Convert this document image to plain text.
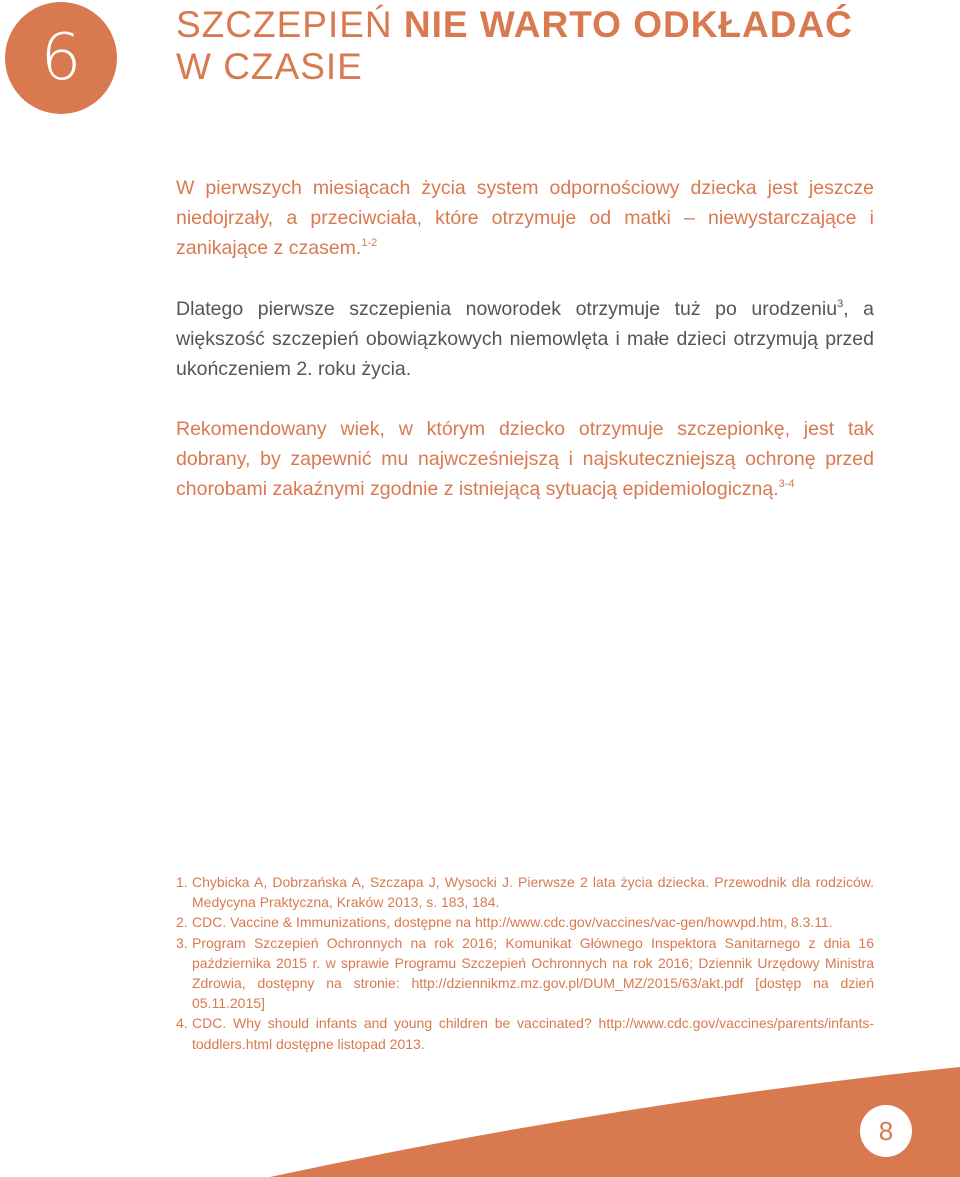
6	SZCZEPIEŃ NIE WARTO ODKŁADAĆ
W CZASIE

W pierwszych miesiącach życia system odpornościowy dziecka jest jeszcze niedojrzały, a przeciwciała, które otrzymuje od matki – niewystarczające i zanikające z czasem.$^{1-2}$

Dlatego pierwsze szczepienia noworodek otrzymuje tuż po urodzeniu$^3$, a większość szczepień obowiązkowych niemowlęta i małe dzieci otrzymują przed ukończeniem 2. roku życia.

Rekomendowany wiek, w którym dziecko otrzymuje szczepionkę, jest tak dobrany, by zapewnić mu najwcześniejszą i najskuteczniejszą ochronę przed chorobami zakaźnymi zgodnie z istniejącą sytuacją epidemiologiczną.$^{3-4}$

1. Chybicka A, Dobrzańska A, Szczapa J, Wysocki J. Pierwsze 2 lata życia dziecka. Przewodnik dla rodziców. Medycyna Praktyczna, Kraków 2013, s. 183, 184.
2. CDC. Vaccine & Immunizations, dostępne na http://www.cdc.gov/vaccines/vac-gen/howvpd.htm, 8.3.11.
3. Program Szczepień Ochronnych na rok 2016; Komunikat Głównego Inspektora Sanitarnego z dnia 16 października 2015 r. w sprawie Programu Szczepień Ochronnych na rok 2016; Dziennik Urzędowy Ministra Zdrowia, dostępny na stronie: http://dziennikmz.mz.gov.pl/DUM_MZ/2015/63/akt.pdf [dostęp na dzień 05.11.2015]
4. CDC. Why should infants and young children be vaccinated? http://www.cdc.gov/vaccines/parents/infants-toddlers.html dostępne listopad 2013.
8
